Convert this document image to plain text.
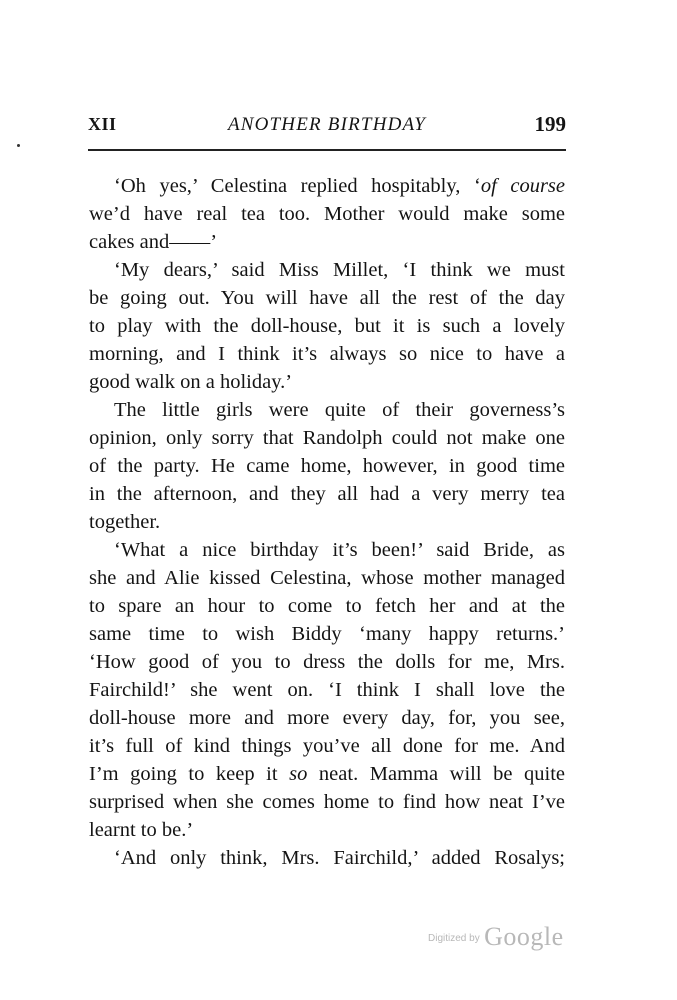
XII	ANOTHER BIRTHDAY	199
‘Oh yes,’ Celestina replied hospitably, ‘of course
we’d have real tea too. Mother would make some
cakes and——’
‘My dears,’ said Miss Millet, ‘I think we must
be going out. You will have all the rest of the day
to play with the doll-house, but it is such a lovely
morning, and I think it’s always so nice to have a
good walk on a holiday.’
The little girls were quite of their governess’s
opinion, only sorry that Randolph could not make one
of the party. He came home, however, in good time
in the afternoon, and they all had a very merry tea
together.
‘What a nice birthday it’s been!’ said Bride, as
she and Alie kissed Celestina, whose mother managed
to spare an hour to come to fetch her and at the
same time to wish Biddy ‘many happy returns.’
‘How good of you to dress the dolls for me, Mrs.
Fairchild!’ she went on. ‘I think I shall love the
doll-house more and more every day, for, you see,
it’s full of kind things you’ve all done for me. And
I’m going to keep it so neat. Mamma will be quite
surprised when she comes home to find how neat I’ve
learnt to be.’
‘And only think, Mrs. Fairchild,’ added Rosalys;
$^{Digitized by}$ Google
